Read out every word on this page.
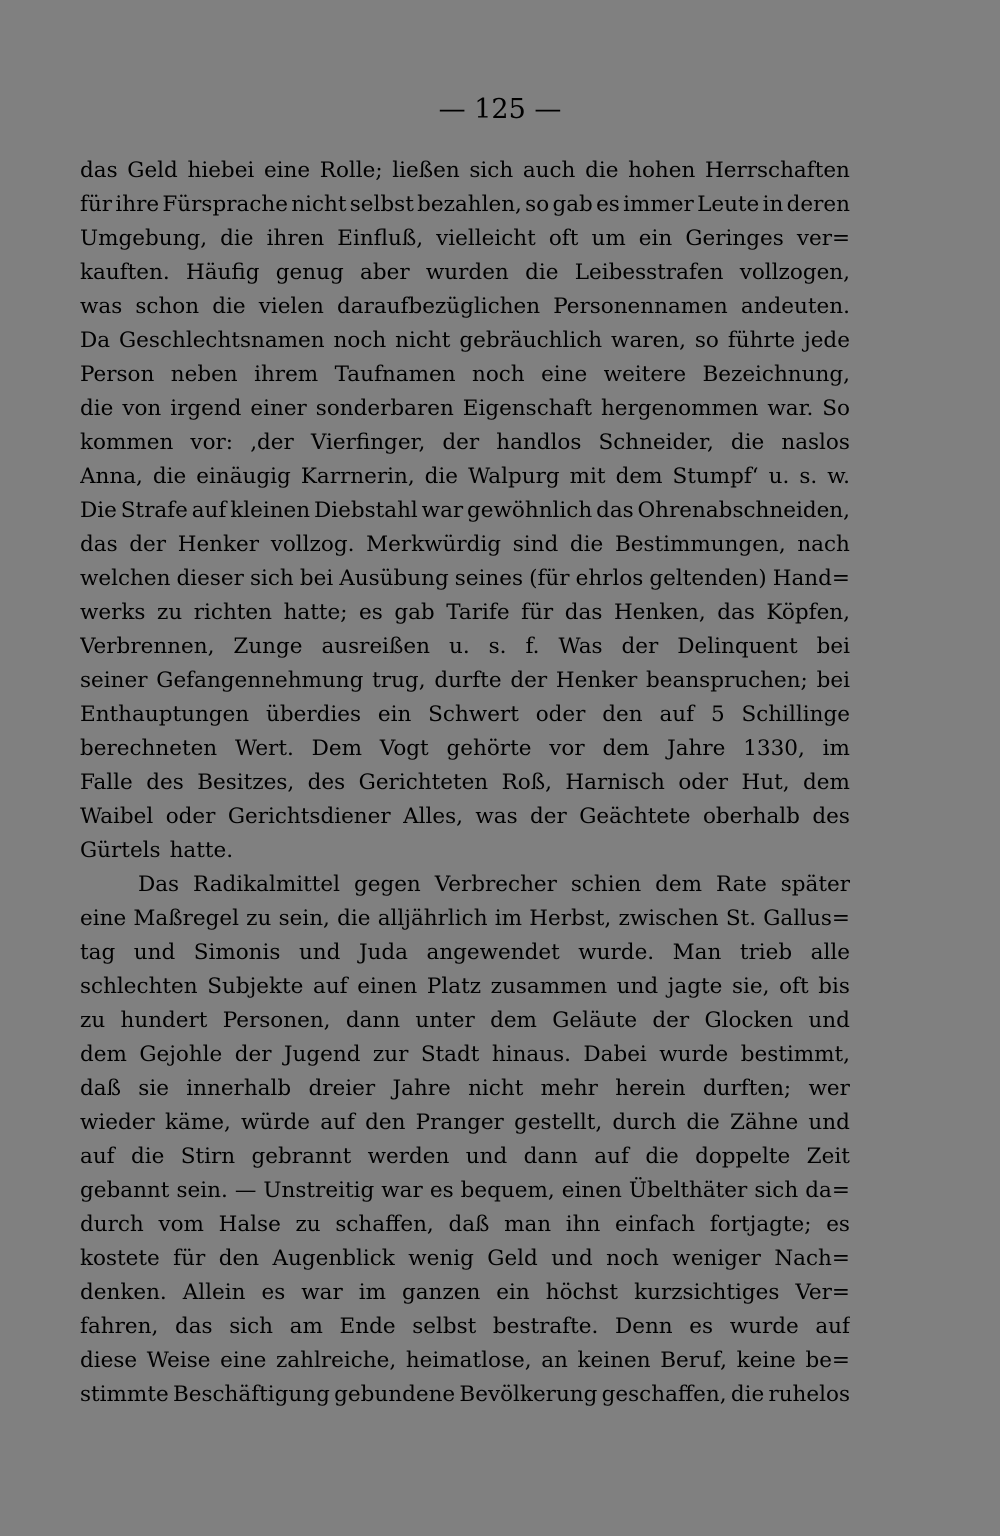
— 125 —
das Geld hiebei eine Rolle; ließen sich auch die hohen Herrschaften
für ihre Fürsprache nicht selbst bezahlen, so gab es immer Leute in deren
Umgebung, die ihren Einfluß, vielleicht oft um ein Geringes ver=
kauften. Häufig genug aber wurden die Leibesstrafen vollzogen,
was schon die vielen daraufbezüglichen Personennamen andeuten.
Da Geschlechtsnamen noch nicht gebräuchlich waren, so führte jede
Person neben ihrem Taufnamen noch eine weitere Bezeichnung,
die von irgend einer sonderbaren Eigenschaft hergenommen war. So
kommen vor: ‚der Vierfinger, der handlos Schneider, die naslos
Anna, die einäugig Karrnerin, die Walpurg mit dem Stumpf‘ u. s. w.
Die Strafe auf kleinen Diebstahl war gewöhnlich das Ohrenabschneiden,
das der Henker vollzog. Merkwürdig sind die Bestimmungen, nach
welchen dieser sich bei Ausübung seines (für ehrlos geltenden) Hand=
werks zu richten hatte; es gab Tarife für das Henken, das Köpfen,
Verbrennen, Zunge ausreißen u. s. f. Was der Delinquent bei
seiner Gefangennehmung trug, durfte der Henker beanspruchen; bei
Enthauptungen überdies ein Schwert oder den auf 5 Schillinge
berechneten Wert. Dem Vogt gehörte vor dem Jahre 1330, im
Falle des Besitzes, des Gerichteten Roß, Harnisch oder Hut, dem
Waibel oder Gerichtsdiener Alles, was der Geächtete oberhalb des
Gürtels hatte.
Das Radikalmittel gegen Verbrecher schien dem Rate später
eine Maßregel zu sein, die alljährlich im Herbst, zwischen St. Gallus=
tag und Simonis und Juda angewendet wurde. Man trieb alle
schlechten Subjekte auf einen Platz zusammen und jagte sie, oft bis
zu hundert Personen, dann unter dem Geläute der Glocken und
dem Gejohle der Jugend zur Stadt hinaus. Dabei wurde bestimmt,
daß sie innerhalb dreier Jahre nicht mehr herein durften; wer
wieder käme, würde auf den Pranger gestellt, durch die Zähne und
auf die Stirn gebrannt werden und dann auf die doppelte Zeit
gebannt sein. — Unstreitig war es bequem, einen Übelthäter sich da=
durch vom Halse zu schaffen, daß man ihn einfach fortjagte; es
kostete für den Augenblick wenig Geld und noch weniger Nach=
denken. Allein es war im ganzen ein höchst kurzsichtiges Ver=
fahren, das sich am Ende selbst bestrafte. Denn es wurde auf
diese Weise eine zahlreiche, heimatlose, an keinen Beruf, keine be=
stimmte Beschäftigung gebundene Bevölkerung geschaffen, die ruhelos
